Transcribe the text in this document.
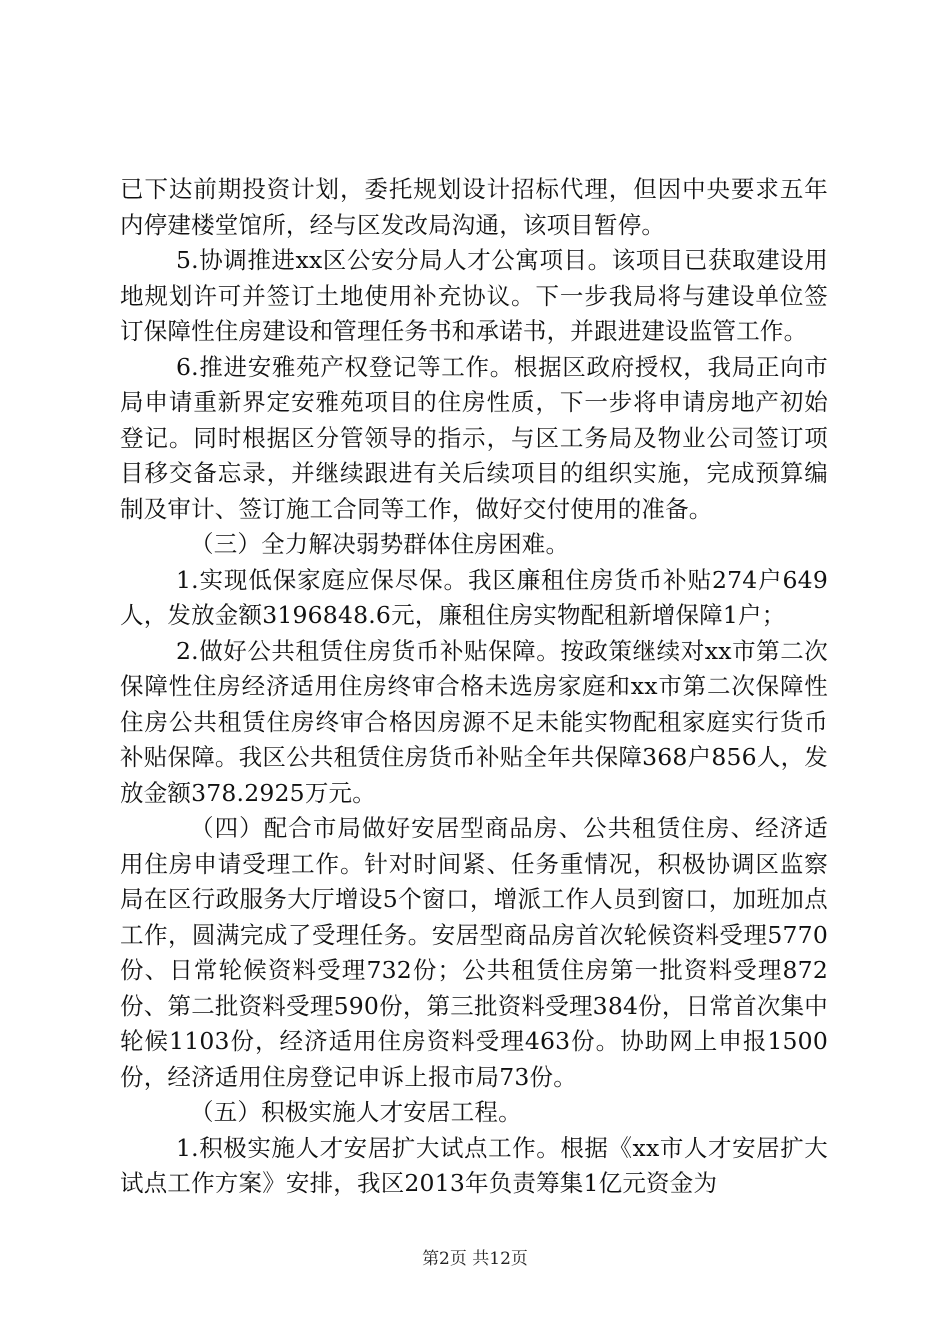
已下达前期投资计划，委托规划设计招标代理，但因中央要求五年内停建楼堂馆所，经与区发改局沟通，该项目暂停。

5.协调推进xx区公安分局人才公寓项目。该项目已获取建设用地规划许可并签订土地使用补充协议。下一步我局将与建设单位签订保障性住房建设和管理任务书和承诺书，并跟进建设监管工作。

6.推进安雅苑产权登记等工作。根据区政府授权，我局正向市局申请重新界定安雅苑项目的住房性质，下一步将申请房地产初始登记。同时根据区分管领导的指示，与区工务局及物业公司签订项目移交备忘录，并继续跟进有关后续项目的组织实施，完成预算编制及审计、签订施工合同等工作，做好交付使用的准备。

（三）全力解决弱势群体住房困难。

1.实现低保家庭应保尽保。我区廉租住房货币补贴274户649人，发放金额3196848.6元，廉租住房实物配租新增保障1户；

2.做好公共租赁住房货币补贴保障。按政策继续对xx市第二次保障性住房经济适用住房终审合格未选房家庭和xx市第二次保障性住房公共租赁住房终审合格因房源不足未能实物配租家庭实行货币补贴保障。我区公共租赁住房货币补贴全年共保障368户856人，发放金额378.2925万元。

（四）配合市局做好安居型商品房、公共租赁住房、经济适用住房申请受理工作。针对时间紧、任务重情况，积极协调区监察局在区行政服务大厅增设5个窗口，增派工作人员到窗口，加班加点工作，圆满完成了受理任务。安居型商品房首次轮候资料受理5770份、日常轮候资料受理732份；公共租赁住房第一批资料受理872份、第二批资料受理590份，第三批资料受理384份，日常首次集中轮候1103份，经济适用住房资料受理463份。协助网上申报1500份，经济适用住房登记申诉上报市局73份。

（五）积极实施人才安居工程。

1.积极实施人才安居扩大试点工作。根据《xx市人才安居扩大试点工作方案》安排，我区2013年负责筹集1亿元资金为

第2页 共12页
